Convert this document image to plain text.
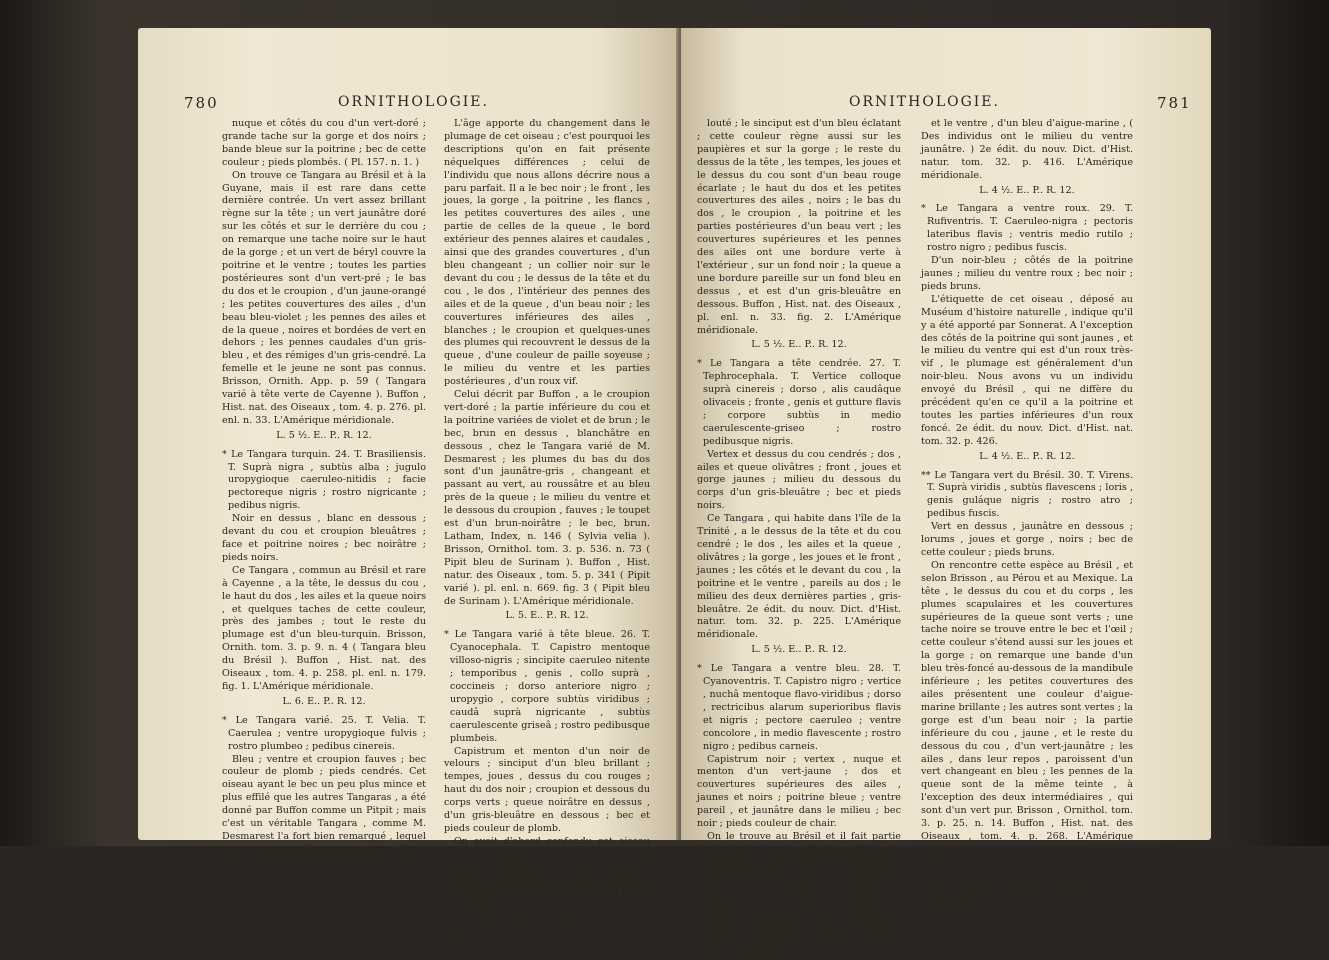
780	ORNITHOLOGIE.

nuque et côtés du cou d'un vert-doré ; grande tache sur la gorge et dos noirs ; bande bleue sur la poitrine ; bec de cette couleur ; pieds plombés. ( Pl. 157. n. 1. )

On trouve ce Tangara au Brésil et à la Guyane, mais il est rare dans cette dernière contrée. Un vert assez brillant règne sur la tête ; un vert jaunâtre doré sur les côtés et sur le derrière du cou ; on remarque une tache noire sur le haut de la gorge ; et un vert de béryl couvre la poitrine et le ventre ; toutes les parties postérieures sont d'un vert-pré ; le bas du dos et le croupion , d'un jaune-orangé ; les petites couvertures des ailes , d'un beau bleu-violet ; les pennes des ailes et de la queue , noires et bordées de vert en dehors ; les pennes caudales d'un gris-bleu , et des rémiges d'un gris-cendré. La femelle et le jeune ne sont pas connus. Brisson, Ornith. App. p. 59 ( Tangara varié à tête verte de Cayenne ). Buffon , Hist. nat. des Oiseaux , tom. 4. p. 276. pl. enl. n. 33. L'Amérique méridionale.

L. 5 ½. E.. P.. R. 12.

* Le Tangara turquin. 24. T. Brasiliensis. T. Suprà nigra , subtùs alba ; jugulo uropygioque caeruleo-nitidis ; facie pectoreque nigris ; rostro nigricante ; pedibus nigris.

Noir en dessus , blanc en dessous ; devant du cou et croupion bleuâtres ; face et poitrine noires ; bec noirâtre ; pieds noirs.

Ce Tangara , commun au Brésil et rare à Cayenne , a la tête, le dessus du cou , le haut du dos , les ailes et la queue noirs , et quelques taches de cette couleur, près des jambes ; tout le reste du plumage est d'un bleu-turquin. Brisson, Ornith. tom. 3. p. 9. n. 4 ( Tangara bleu du Brésil ). Buffon , Hist. nat. des Oiseaux , tom. 4. p. 258. pl. enl. n. 179. fig. 1. L'Amérique méridionale.

L. 6. E.. P.. R. 12.

* Le Tangara varié. 25. T. Velia. T. Caerulea ; ventre uropygioque fulvis ; rostro plumbeo ; pedibus cinereis.

Bleu ; ventre et croupion fauves ; bec couleur de plomb ; pieds cendrés. Cet oiseau ayant le bec un peu plus mince et plus effilé que les autres Tangaras , a été donné par Buffon comme un Pitpit ; mais c'est un véritable Tangara , comme M. Desmarest l'a fort bien remarqué , lequel a le bec plus grêle que les autres. On le trouve à Cayenne et à Surinam.

L'âge apporte du changement dans le plumage de cet oiseau ; c'est pourquoi les descriptions qu'on en fait présente néquelques différences ; celui de l'individu que nous allons décrire nous a paru parfait. Il a le bec noir ; le front , les joues, la gorge , la poitrine , les flancs , les petites couvertures des ailes , une partie de celles de la queue , le bord extérieur des pennes alaires et caudales , ainsi que des grandes couvertures , d'un bleu changeant ; un collier noir sur le devant du cou ; le dessus de la tête et du cou , le dos , l'intérieur des pennes des ailes et de la queue , d'un beau noir ; les couvertures inférieures des ailes , blanches ; le croupion et quelques-unes des plumes qui recouvrent le dessus de la queue , d'une couleur de paille soyeuse ; le milieu du ventre et les parties postérieures , d'un roux vif.

Celui décrit par Buffon , a le croupion vert-doré ; la partie inférieure du cou et la poitrine variées de violet et de brun ; le bec, brun en dessus , blanchâtre en dessous , chez le Tangara varié de M. Desmarest ; les plumes du bas du dos sont d'un jaunâtre-gris , changeant et passant au vert, au roussâtre et au bleu près de la queue ; le milieu du ventre et le dessous du croupion , fauves ; le toupet est d'un brun-noirâtre ; le bec, brun. Latham, Index, n. 146 ( Sylvia velia ). Brisson, Ornithol. tom. 3. p. 536. n. 73 ( Pipit bleu de Surinam ). Buffon , Hist. natur. des Oiseaux , tom. 5. p. 341 ( Pipit varié ). pl. enl. n. 669. fig. 3 ( Pipit bleu de Surinam ). L'Amérique méridionale.

L. 5. E.. P.. R. 12.

* Le Tangara varié à tête bleue. 26. T. Cyanocephala. T. Capistro mentoque villoso-nigris ; sincipite caeruleo nitente ; temporibus , genis , collo suprà , coccineis ; dorso anteriore nigro ; uropygio , corpore subtùs viridibus ; caudâ suprà nigricante , subtùs caerulescente griseâ ; rostro pedibusque plumbeis.

Capistrum et menton d'un noir de velours ; sinciput d'un bleu brillant ; tempes, joues , dessus du cou rouges ; haut du dos noir ; croupion et dessous du corps verts ; queue noirâtre en dessus , d'un gris-bleuâtre en dessous ; bec et pieds couleur de plomb.

On avoit d'abord confondu cet oiseau avec le Tangara tricolor ; mais , mieux observé , on s'est assuré qu'il constituoit une espèce distincte , et une des plus belles de ce genre. On la trouve au Brésil et au Pérou.

Le capistrum et le menton sont d'un noir ve-

ORNITHOLOGIE.	781

louté ; le sinciput est d'un bleu éclatant ; cette couleur règne aussi sur les paupières et sur la gorge ; le reste du dessus de la tête , les tempes, les joues et le dessus du cou sont d'un beau rouge écarlate ; le haut du dos et les petites couvertures des ailes , noirs ; le bas du dos , le croupion , la poitrine et les parties postérieures d'un beau vert ; les couvertures supérieures et les pennes des ailes ont une bordure verte à l'extérieur , sur un fond noir ; la queue a une bordure pareille sur un fond bleu en dessus , et est d'un gris-bleuâtre en dessous. Buffon , Hist. nat. des Oiseaux , pl. enl. n. 33. fig. 2. L'Amérique méridionale.

L. 5 ½. E.. P.. R. 12.

* Le Tangara a tête cendrée. 27. T. Tephrocephala. T. Vertice colloque suprà cinereis ; dorso , alis caudâque olivaceis ; fronte , genis et gutture flavis ; corpore subtùs in medio caerulescente-griseo ; rostro pedibusque nigris.

Vertex et dessus du cou cendrés ; dos , ailes et queue olivâtres ; front , joues et gorge jaunes ; milieu du dessous du corps d'un gris-bleuâtre ; bec et pieds noirs.

Ce Tangara , qui habite dans l'île de la Trinité , a le dessus de la tête et du cou cendré ; le dos , les ailes et la queue , olivâtres ; la gorge , les joues et le front , jaunes ; les côtés et le devant du cou , la poitrine et le ventre , pareils au dos ; le milieu des deux dernières parties , gris-bleuâtre. 2e édit. du nouv. Dict. d'Hist. natur. tom. 32. p. 225. L'Amérique méridionale.

L. 5 ½. E.. P.. R. 12.

* Le Tangara a ventre bleu. 28. T. Cyanoventris. T. Capistro nigro ; vertice , nuchâ mentoque flavo-viridibus ; dorso , rectricibus alarum superioribus flavis et nigris ; pectore caeruleo ; ventre concolore , in medio flavescente ; rostro nigro ; pedibus carneis.

Capistrum noir ; vertex , nuque et menton d'un vert-jaune ; dos et couvertures supérieures des ailes , jaunes et noirs ; poitrine bleue ; ventre pareil , et jaunâtre dans le milieu ; bec noir ; pieds couleur de chair.

On le trouve au Brésil et il fait partie de la collection du Muséum d'histoire naturelle. Le capistrum et le milieu de la gorge sont noirs ; le menton , le dessus de la tête et la nuque d'un vert-jaune ; le manteau et les couvertures supérieures des ailes , jaunes et noirs ; les pennes alaires et caudales , de la dernière couleur et bordées en dehors de vert-jaune ; la poitrine

et le ventre , d'un bleu d'aigue-marine , ( Des individus ont le milieu du ventre jaunâtre. ) 2e édit. du nouv. Dict. d'Hist. natur. tom. 32. p. 416. L'Amérique méridionale.

L. 4 ½. E.. P.. R. 12.

* Le Tangara a ventre roux. 29. T. Rufiventris. T. Caeruleo-nigra ; pectoris lateribus flavis ; ventris medio rutilo ; rostro nigro ; pedibus fuscis.

D'un noir-bleu ; côtés de la poitrine jaunes ; milieu du ventre roux ; bec noir ; pieds bruns.

L'étiquette de cet oiseau , déposé au Muséum d'histoire naturelle , indique qu'il y a été apporté par Sonnerat. A l'exception des côtés de la poitrine qui sont jaunes , et le milieu du ventre qui est d'un roux très-vif , le plumage est généralement d'un noir-bleu. Nous avons vu un individu envoyé du Brésil , qui ne diffère du précédent qu'en ce qu'il a la poitrine et toutes les parties inférieures d'un roux foncé. 2e édit. du nouv. Dict. d'Hist. nat. tom. 32. p. 426.

L. 4 ½. E.. P.. R. 12.

** Le Tangara vert du Brésil. 30. T. Virens. T. Suprà viridis , subtùs flavescens ; loris , genis guláque nigris ; rostro atro ; pedibus fuscis.

Vert en dessus , jaunâtre en dessous ; lorums , joues et gorge , noirs ; bec de cette couleur ; pieds bruns.

On rencontre cette espèce au Brésil , et selon Brisson , au Pérou et au Mexique. La tête , le dessus du cou et du corps , les plumes scapulaires et les couvertures supérieures de la queue sont verts ; une tache noire se trouve entre le bec et l'œil ; cette couleur s'étend aussi sur les joues et la gorge ; on remarque une bande d'un bleu très-foncé au-dessous de la mandibule inférieure ; les petites couvertures des ailes présentent une couleur d'aigue-marine brillante ; les autres sont vertes ; la gorge est d'un beau noir ; la partie inférieure du cou , jaune , et le reste du dessous du cou , d'un vert-jaunâtre ; les ailes , dans leur repos , paroissent d'un vert changeant en bleu ; les pennes de la queue sont de la même teinte , à l'exception des deux intermédiaires , qui sont d'un vert pur. Brisson , Ornithol. tom. 3. p. 25. n. 14. Buffon , Hist. nat. des Oiseaux , tom. 4. p. 268. L'Amérique méridionale.

L. 6. E.. P.. R. 12.

* Le Tangara vert et bleu. 31. T. Chlorocyanea. T. Olivaceo-viridis ; gutture , collo , pec-
